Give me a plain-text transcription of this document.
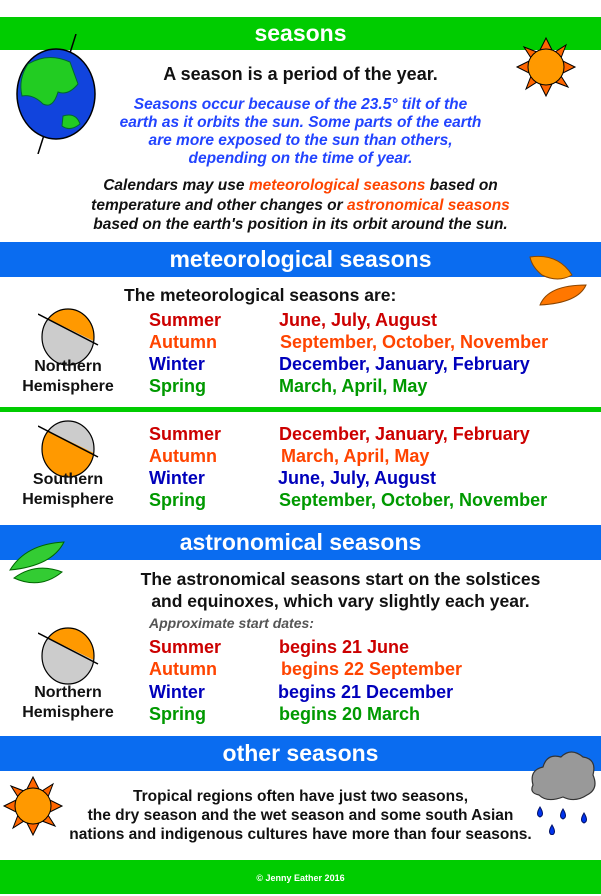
seasons
A season is a period of the year.
Seasons occur because of the 23.5° tilt of the
earth as it orbits the sun. Some parts of the earth
are more exposed to the sun than others,
depending on the time of year.
Calendars may use meteorological seasons based on
temperature and other changes or astronomical seasons
based on the earth's position in its orbit around the sun.
meteorological seasons
The meteorological seasons are:
Northern
Hemisphere
Summer
Autumn
Winter
Spring
June, July, August
September, October, November
December, January, February
March, April, May
Southern
Hemisphere
Summer
Autumn
Winter
Spring
December, January, February
March, April, May
June, July, August
September, October, November
astronomical seasons
The astronomical seasons start on the solstices
and equinoxes, which vary slightly each year.
Approximate start dates:
Northern
Hemisphere
Summer
Autumn
Winter
Spring
begins 21 June
begins 22 September
begins 21 December
begins 20 March
other seasons
Tropical regions often have just two seasons,
the dry season and the wet season and some south Asian
nations and indigenous cultures have more than four seasons.
© Jenny Eather 2016
